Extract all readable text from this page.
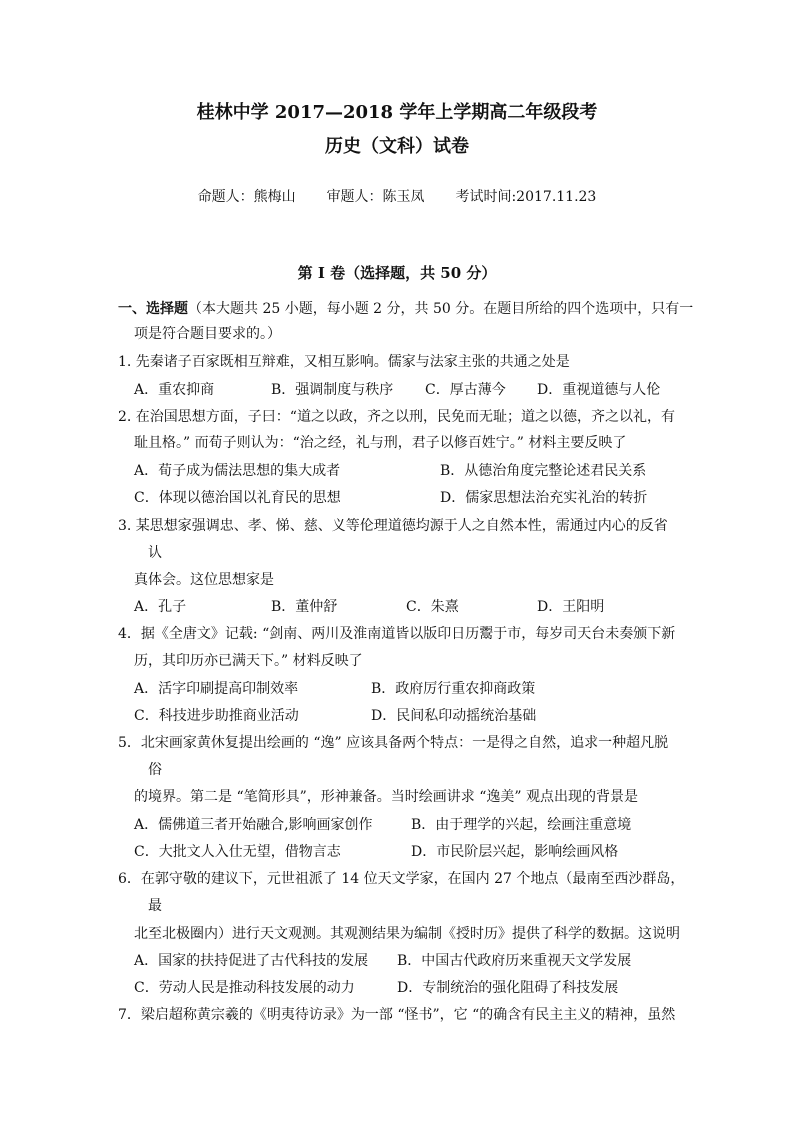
桂林中学 2017—2018 学年上学期高二年级段考
历史（文科）试卷
命题人：熊梅山 审题人：陈玉凤 考试时间:2017.11.23
第 I 卷（选择题，共 50 分）
一、选择题（本大题共 25 小题，每小题 2 分，共 50 分。在题目所给的四个选项中，只有一
项是符合题目要求的。）
1. 先秦诸子百家既相互辩难，又相互影响。儒家与法家主张的共通之处是
A．重农抑商	B．强调制度与秩序 C．厚古薄今 D．重视道德与人伦
2. 在治国思想方面，子曰：“道之以政，齐之以刑，民免而无耻；道之以德，齐之以礼，有
耻且格。” 而荀子则认为：“治之经，礼与刑，君子以修百姓宁。” 材料主要反映了
A．荀子成为儒法思想的集大成者	B．从德治角度完整论述君民关系
C．体现以德治国以礼育民的思想	D．儒家思想法治充实礼治的转折
3. 某思想家强调忠、孝、悌、慈、义等伦理道德均源于人之自然本性，需通过内心的反省
认
真体会。这位思想家是
A．孔子	B．董仲舒	C．朱熹	D．王阳明
4．据《全唐文》记载: “剑南、两川及淮南道皆以版印日历鬻于市，每岁司天台未奏颁下新
历，其印历亦已满天下。” 材料反映了
A．活字印刷提高印制效率	B．政府厉行重农抑商政策
C．科技进步助推商业活动	D．民间私印动摇统治基础
5．北宋画家黄休复提出绘画的 “逸” 应该具备两个特点：一是得之自然，追求一种超凡脱
俗
的境界。第二是 “笔简形具”，形神兼备。当时绘画讲求 “逸美” 观点出现的背景是
A．儒佛道三者开始融合,影响画家创作	B．由于理学的兴起，绘画注重意境
C．大批文人入仕无望，借物言志	D．市民阶层兴起，影响绘画风格
6．在郭守敬的建议下，元世祖派了 14 位天文学家，在国内 27 个地点（最南至西沙群岛，
最
北至北极圈内）进行天文观测。其观测结果为编制《授时历》提供了科学的数据。这说明
A．国家的扶持促进了古代科技的发展 B．中国古代政府历来重视天文学发展
C．劳动人民是推动科技发展的动力	D．专制统治的强化阻碍了科技发展
7．梁启超称黄宗羲的《明夷待访录》为一部 “怪书”，它 “的确含有民主主义的精神，虽然
